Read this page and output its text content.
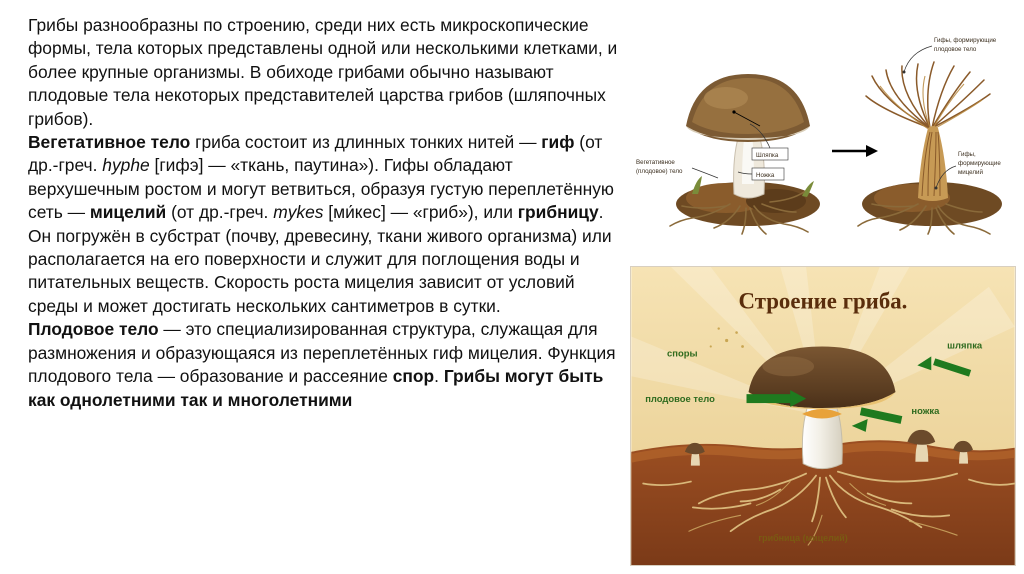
Грибы разнообразны по строению, среди них есть микроскопические формы, тела которых представлены одной или несколькими клетками, и более крупные организмы. В обиходе грибами обычно называют плодовые тела некоторых представителей царства грибов (шляпочных грибов).

Вегетативное тело гриба состоит из длинных тонких нитей — гиф (от др.-греч. hyphe [гифэ] — «ткань, паутина»). Гифы обладают верхушечным ростом и могут ветвиться, образуя густую переплетённую сеть — мицелий (от др.-греч. mykes [ми́кес] — «гриб»), или грибницу. Он погружён в субстрат (почву, древесину, ткани живого организма) или располагается на его поверхности и служит для поглощения воды и питательных веществ. Скорость роста мицелия зависит от условий среды и может достигать нескольких сантиметров в сутки.

Плодовое тело — это специализированная структура, служащая для размножения и образующаяся из переплетённых гиф мицелия. Функция плодового тела — образование и рассеяние спор. Грибы могут быть как однолетними так и многолетними

Гифы, формирующие
плодовое тело
Гифы,
формирующие
мицелий
Вегетативное
(плодовое) тело
Шляпка
Ножка
Строение гриба.
споры
шляпка
плодовое тело
ножка
грибница (мицелий)
